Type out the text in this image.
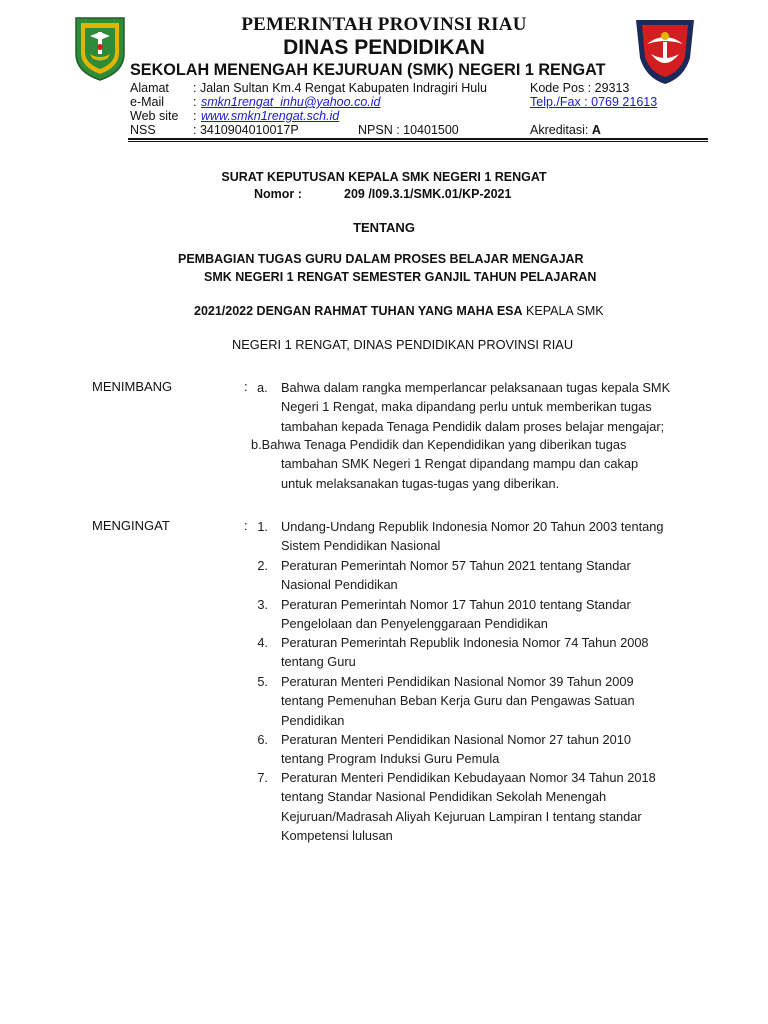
PEMERINTAH PROVINSI RIAU
DINAS PENDIDIKAN
SEKOLAH MENENGAH KEJURUAN (SMK) NEGERI 1 RENGAT
Alamat : Jalan Sultan Km.4 Rengat Kabupaten Indragiri Hulu	Kode Pos : 29313
e-Mail : smkn1rengat_inhu@yahoo.co.id	Telp./Fax : 0769 21613
Web site : www.smkn1rengat.sch.id
NSS	: 3410904010017P	NPSN : 10401500	Akreditasi: A
SURAT KEPUTUSAN KEPALA SMK NEGERI 1 RENGAT
Nomor :	209 /I09.3.1/SMK.01/KP-2021
TENTANG
PEMBAGIAN TUGAS GURU DALAM PROSES BELAJAR MENGAJAR
SMK NEGERI 1 RENGAT SEMESTER GANJIL TAHUN PELAJARAN
2021/2022 DENGAN RAHMAT TUHAN YANG MAHA ESA KEPALA SMK
NEGERI 1 RENGAT, DINAS PENDIDIKAN PROVINSI RIAU
MENIMBANG	: a. Bahwa dalam rangka memperlancar pelaksanaan tugas kepala SMK Negeri 1 Rengat, maka dipandang perlu untuk memberikan tugas tambahan kepada Tenaga Pendidik dalam proses belajar mengajar;
b.Bahwa Tenaga Pendidik dan Kependidikan yang diberikan tugas
tambahan SMK Negeri 1 Rengat dipandang mampu dan cakap untuk melaksanakan tugas-tugas yang diberikan.
MENGINGAT	: 1. Undang-Undang Republik Indonesia Nomor 20 Tahun 2003 tentang Sistem Pendidikan Nasional
2. Peraturan Pemerintah Nomor 57 Tahun 2021 tentang Standar Nasional Pendidikan
3. Peraturan Pemerintah Nomor 17 Tahun 2010 tentang Standar Pengelolaan dan Penyelenggaraan Pendidikan
4. Peraturan Pemerintah Republik Indonesia Nomor 74 Tahun 2008 tentang Guru
5. Peraturan Menteri Pendidikan Nasional Nomor 39 Tahun 2009 tentang Pemenuhan Beban Kerja Guru dan Pengawas Satuan Pendidikan
6. Peraturan Menteri Pendidikan Nasional Nomor 27 tahun 2010 tentang Program Induksi Guru Pemula
7. Peraturan Menteri Pendidikan Kebudayaan Nomor 34 Tahun 2018 tentang Standar Nasional Pendidikan Sekolah Menengah Kejuruan/Madrasah Aliyah Kejuruan Lampiran I tentang standar Kompetensi lulusan
